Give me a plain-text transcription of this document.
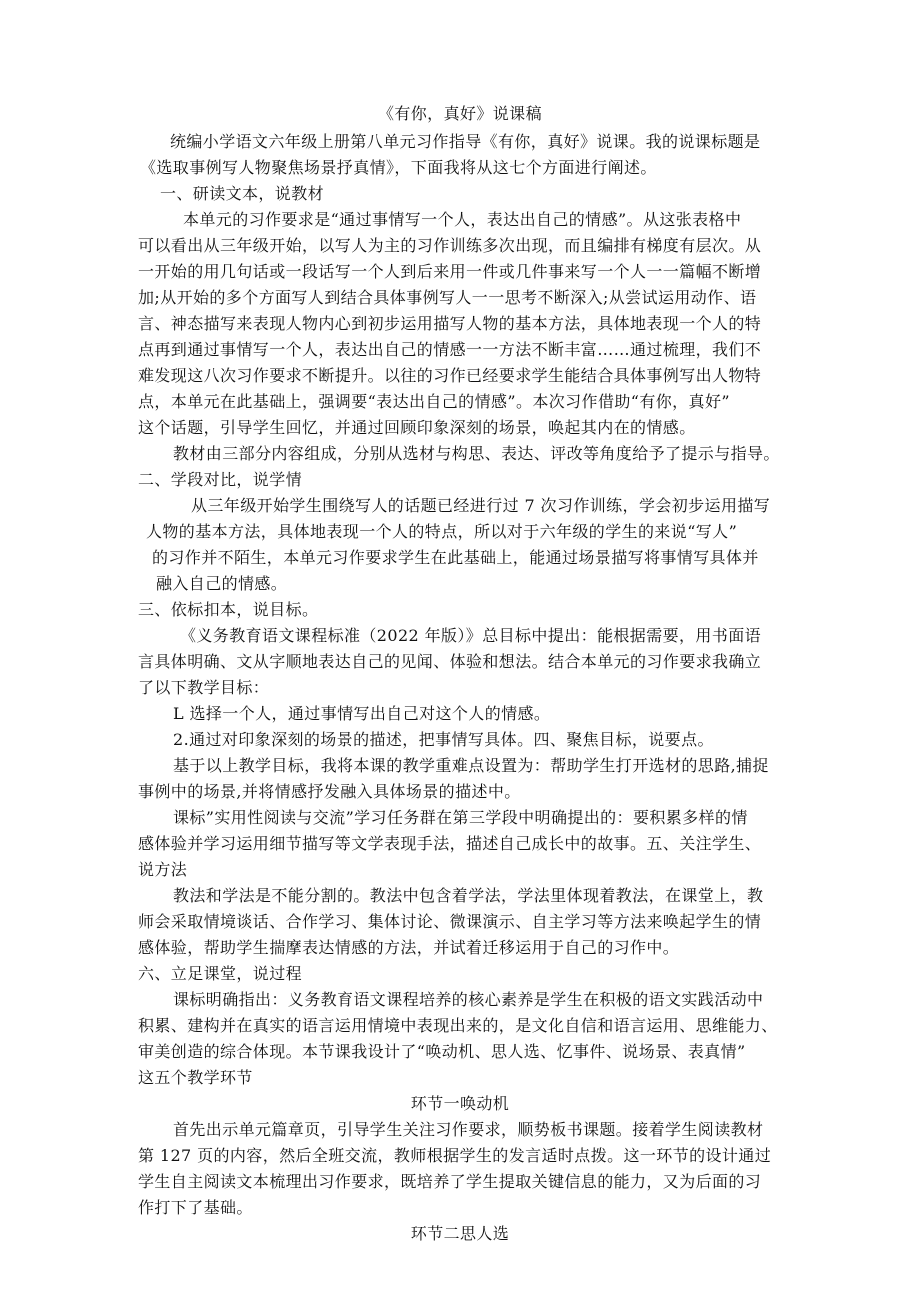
《有你，真好》说课稿
统编小学语文六年级上册第八单元习作指导《有你，真好》说课。我的说课标题是
《选取事例写人物聚焦场景抒真情》，下面我将从这七个方面进行阐述。
一、研读文本，说教材
本单元的习作要求是“通过事情写一个人，表达出自己的情感”。从这张表格中
可以看出从三年级开始，以写人为主的习作训练多次出现，而且编排有梯度有层次。从
一开始的用几句话或一段话写一个人到后来用一件或几件事来写一个人一一篇幅不断增
加;从开始的多个方面写人到结合具体事例写人一一思考不断深入;从尝试运用动作、语
言、神态描写来表现人物内心到初步运用描写人物的基本方法，具体地表现一个人的特
点再到通过事情写一个人，表达出自己的情感一一方法不断丰富……通过梳理，我们不
难发现这八次习作要求不断提升。以往的习作已经要求学生能结合具体事例写出人物特
点，本单元在此基础上，强调要“表达出自己的情感”。本次习作借助“有你，真好”
这个话题，引导学生回忆，并通过回顾印象深刻的场景，唤起其内在的情感。
教材由三部分内容组成，分别从选材与构思、表达、评改等角度给予了提示与指导。
二、学段对比，说学情
从三年级开始学生围绕写人的话题已经进行过 7 次习作训练，学会初步运用描写
人物的基本方法，具体地表现一个人的特点，所以对于六年级的学生的来说“写人”
的习作并不陌生，本单元习作要求学生在此基础上，能通过场景描写将事情写具体并
融入自己的情感。
三、依标扣本，说目标。
《义务教育语文课程标准（2022 年版）》总目标中提出：能根据需要，用书面语
言具体明确、文从字顺地表达自己的见闻、体验和想法。结合本单元的习作要求我确立
了以下教学目标：
L 选择一个人，通过事情写出自己对这个人的情感。
2.通过对印象深刻的场景的描述，把事情写具体。四、聚焦目标，说要点。
基于以上教学目标，我将本课的教学重难点设置为：帮助学生打开选材的思路,捕捉
事例中的场景,并将情感抒发融入具体场景的描述中。
课标”实用性阅读与交流”学习任务群在第三学段中明确提出的：要积累多样的情
感体验并学习运用细节描写等文学表现手法，描述自己成长中的故事。五、关注学生、
说方法
教法和学法是不能分割的。教法中包含着学法，学法里体现着教法，在课堂上，教
师会采取情境谈话、合作学习、集体讨论、微课演示、自主学习等方法来唤起学生的情
感体验，帮助学生揣摩表达情感的方法，并试着迁移运用于自己的习作中。
六、立足课堂，说过程
课标明确指出：义务教育语文课程培养的核心素养是学生在积极的语文实践活动中
积累、建构并在真实的语言运用情境中表现出来的，是文化自信和语言运用、思维能力、
审美创造的综合体现。本节课我设计了“唤动机、思人选、忆事件、说场景、表真情”
这五个教学环节
环节一唤动机
首先出示单元篇章页，引导学生关注习作要求，顺势板书课题。接着学生阅读教材
第 127 页的内容，然后全班交流，教师根据学生的发言适时点拨。这一环节的设计通过
学生自主阅读文本梳理出习作要求，既培养了学生提取关键信息的能力，又为后面的习
作打下了基础。
环节二思人选
